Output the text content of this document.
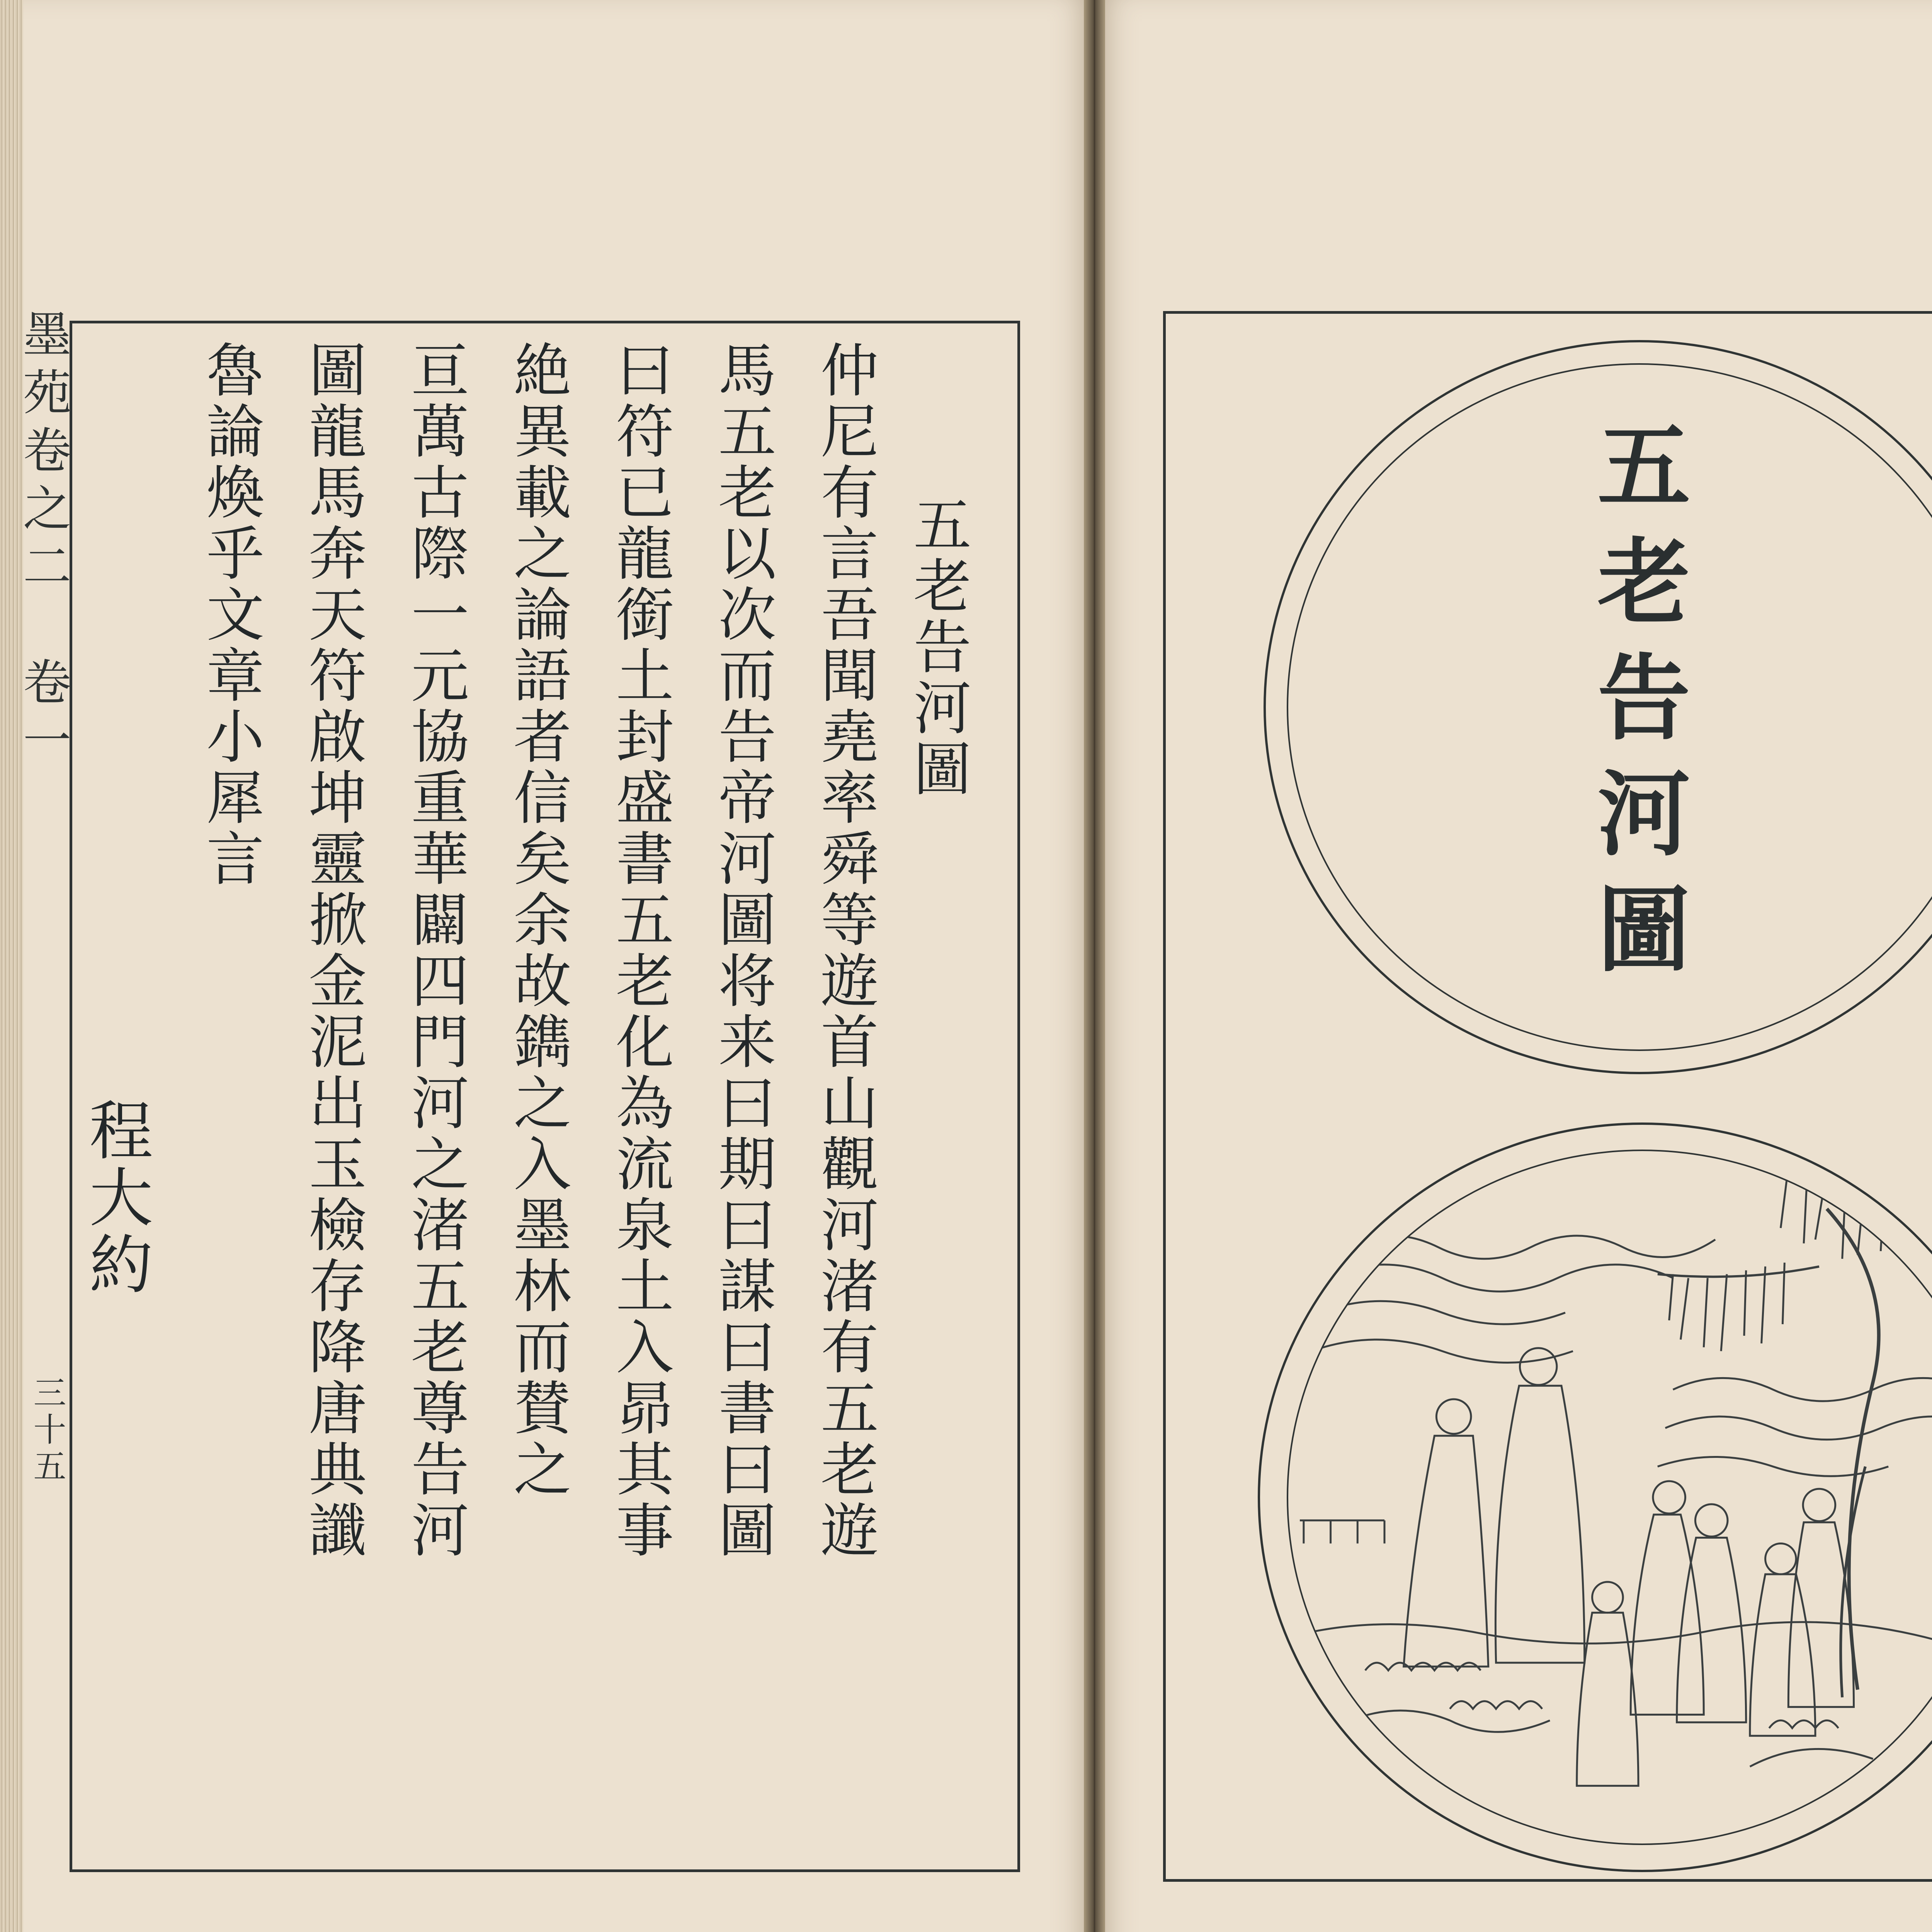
墨苑卷之二　卷一
三十五
五老告河圖
仲尼有言吾聞堯率舜等遊首山觀河渚有五老遊
馬五老以次而告帝河圖将来曰期曰謀曰書曰圖
曰符已龍銜土封盛書五老化為流泉土入昴其事
絶異載之論語者信矣余故鐫之入墨林而賛之
亘萬古際一元協重華闢四門河之渚五老尊告河
圖龍馬奔天符啟坤靈掀金泥出玉檢存降唐典讖
魯論煥乎文章小犀言
程大約
五老告河圖
